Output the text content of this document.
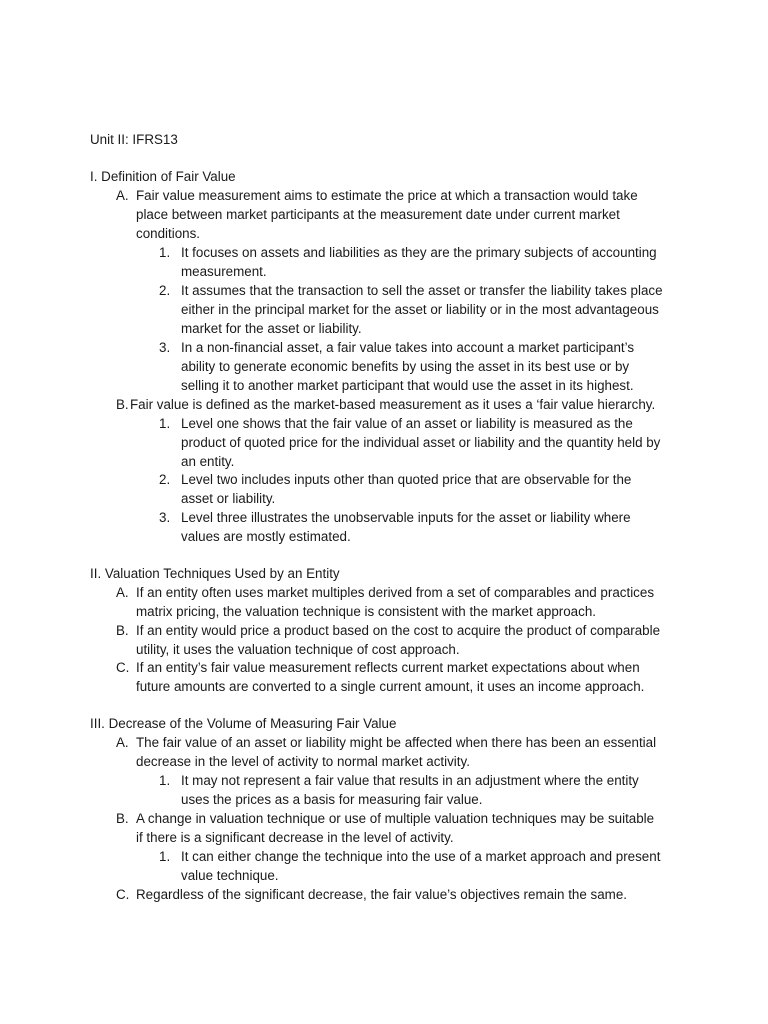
Unit II: IFRS13
I. Definition of Fair Value
A. Fair value measurement aims to estimate the price at which a transaction would take
place between market participants at the measurement date under current market
conditions.
1. It focuses on assets and liabilities as they are the primary subjects of accounting
measurement.
2. It assumes that the transaction to sell the asset or transfer the liability takes place
either in the principal market for the asset or liability or in the most advantageous
market for the asset or liability.
3. In a non-financial asset, a fair value takes into account a market participant’s
ability to generate economic benefits by using the asset in its best use or by
selling it to another market participant that would use the asset in its highest.
B. Fair value is defined as the market-based measurement as it uses a ‘fair value hierarchy.
1. Level one shows that the fair value of an asset or liability is measured as the
product of quoted price for the individual asset or liability and the quantity held by
an entity.
2. Level two includes inputs other than quoted price that are observable for the
asset or liability.
3. Level three illustrates the unobservable inputs for the asset or liability where
values are mostly estimated.
II. Valuation Techniques Used by an Entity
A. If an entity often uses market multiples derived from a set of comparables and practices
matrix pricing, the valuation technique is consistent with the market approach.
B. If an entity would price a product based on the cost to acquire the product of comparable
utility, it uses the valuation technique of cost approach.
C. If an entity’s fair value measurement reflects current market expectations about when
future amounts are converted to a single current amount, it uses an income approach.
III. Decrease of the Volume of Measuring Fair Value
A. The fair value of an asset or liability might be affected when there has been an essential
decrease in the level of activity to normal market activity.
1. It may not represent a fair value that results in an adjustment where the entity
uses the prices as a basis for measuring fair value.
B. A change in valuation technique or use of multiple valuation techniques may be suitable
if there is a significant decrease in the level of activity.
1. It can either change the technique into the use of a market approach and present
value technique.
C. Regardless of the significant decrease, the fair value’s objectives remain the same.
